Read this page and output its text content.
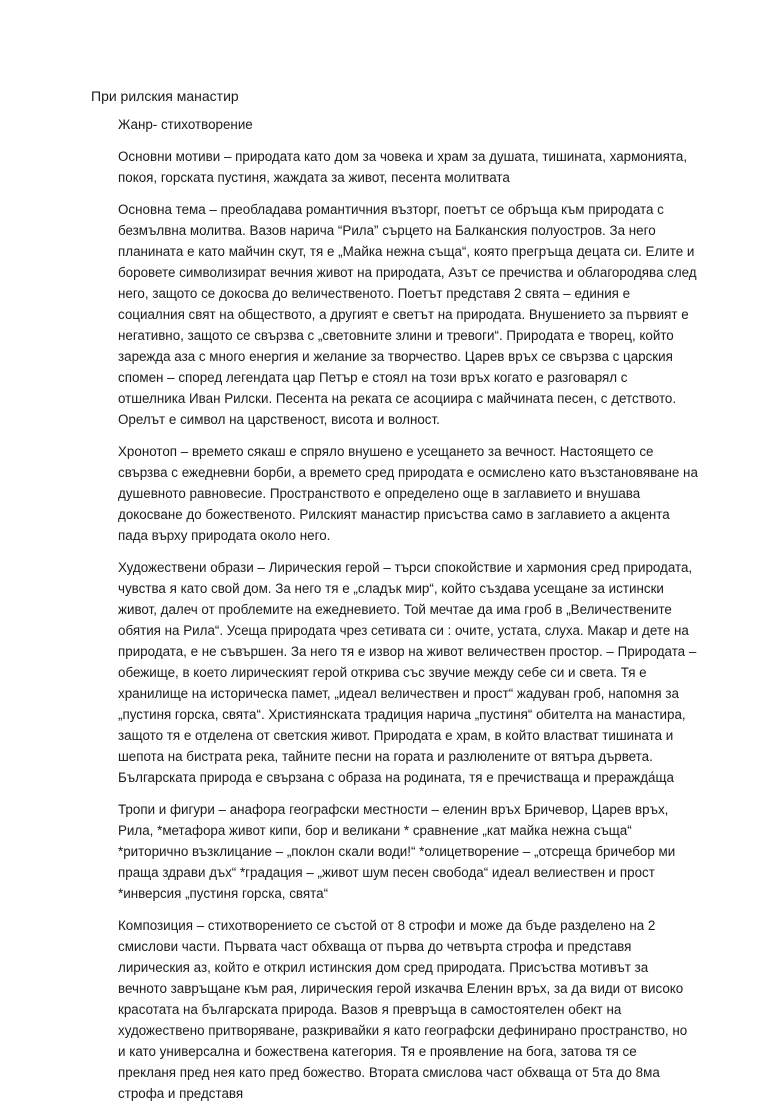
При рилския манастир

Жанр- стихотворение

Основни мотиви – природата като дом за човека и храм за душата, тишината, хармонията, покоя, горската пустиня, жаждата за живот, песента молитвата

Основна тема – преобладава романтичния възторг, поетът се обръща към природата с безмълвна молитва. Вазов нарича “Рила” сърцето на Балканския полуостров. За него планината е като майчин скут, тя е „Майка нежна съща“, която прегръща децата си. Елите и боровете символизират вечния живот на природата, Азът се пречиства и облагородява след него, защото се докосва до величественото. Поетът представя 2 свята – единия е социалния свят на обществото, а другият е светът на природата. Внушението за първият е негативно, защото се свързва с „световните злини и тревоги“. Природата е творец, който зарежда аза с много енергия и желание за творчество. Царев връх се свързва с царския спомен – според легендата цар Петър е стоял на този връх когато е разговарял с отшелника Иван Рилски. Песента на реката се асоциира с майчината песен, с детството. Орелът е символ на царственост, висота и волност.

Хронотоп – времето сякаш е спряло внушено е усещането за вечност. Настоящето се свързва с ежедневни борби, а времето сред природата е осмислено като възстановяване на душевното равновесие. Пространството е определено още в заглавието и внушава докосване до божественото. Рилският манастир присъства само в заглавието а акцента пада върху природата около него.

Художествени образи – Лирическия герой – търси спокойствие и хармония сред природата, чувства я като свой дом. За него тя е „сладък мир“, който създава усещане за истински живот, далеч от проблемите на ежедневието. Той мечтае да има гроб в „Величествените обятия на Рила“. Усеща природата чрез сетивата си : очите, устата, слуха. Макар и дете на природата, е не съвършен. За него тя е извор на живот величествен простор. – Природата – обежище, в което лирическият герой открива със звучие между себе си и света. Тя е хранилище на историческа памет, „идеал величествен и прост“ жадуван гроб, напомня за „пустиня горска, свята“. Християнската традиция нарича „пустиня“ обителта на манастира, защото тя е отделена от светския живот. Природата е храм, в който властват тишината и шепота на бистрата река, тайните песни на гората и разлюлените от вятъра дървета. Българската природа е свързана с образа на родината, тя е пречистваща и преражда́ща

Тропи и фигури – анафора географски местности – еленин връх Бричевор, Царев връх, Рила, *метафора живот кипи, бор и великани * сравнение „кат майка нежна съща“ *риторично възклицание – „поклон скали води!“ *олицетворение – „отсреща бричебор ми праща здрави дъх“ *градация – „живот шум песен свобода“ идеал велиествен и прост *инверсия „пустиня горска, свята“

Композиция – стихотворението се състой от 8 строфи и може да бъде разделено на 2 смислови части. Първата част обхваща от първа до четвърта строфа и представя лирическия аз, който е открил истинския дом сред природата. Присъства мотивът за вечното завръщане към рая, лирическия герой изкачва Еленин връх, за да види от високо красотата на българската природа. Вазов я превръща в самостоятелен обект на художествено притворяване, разкривайки я като географски дефинирано пространство, но и като универсална и божествена категория. Тя е проявление на бога, затова тя се прекланя пред нея като пред божество. Втората смислова част обхваща от 5та до 8ма строфа и представя
